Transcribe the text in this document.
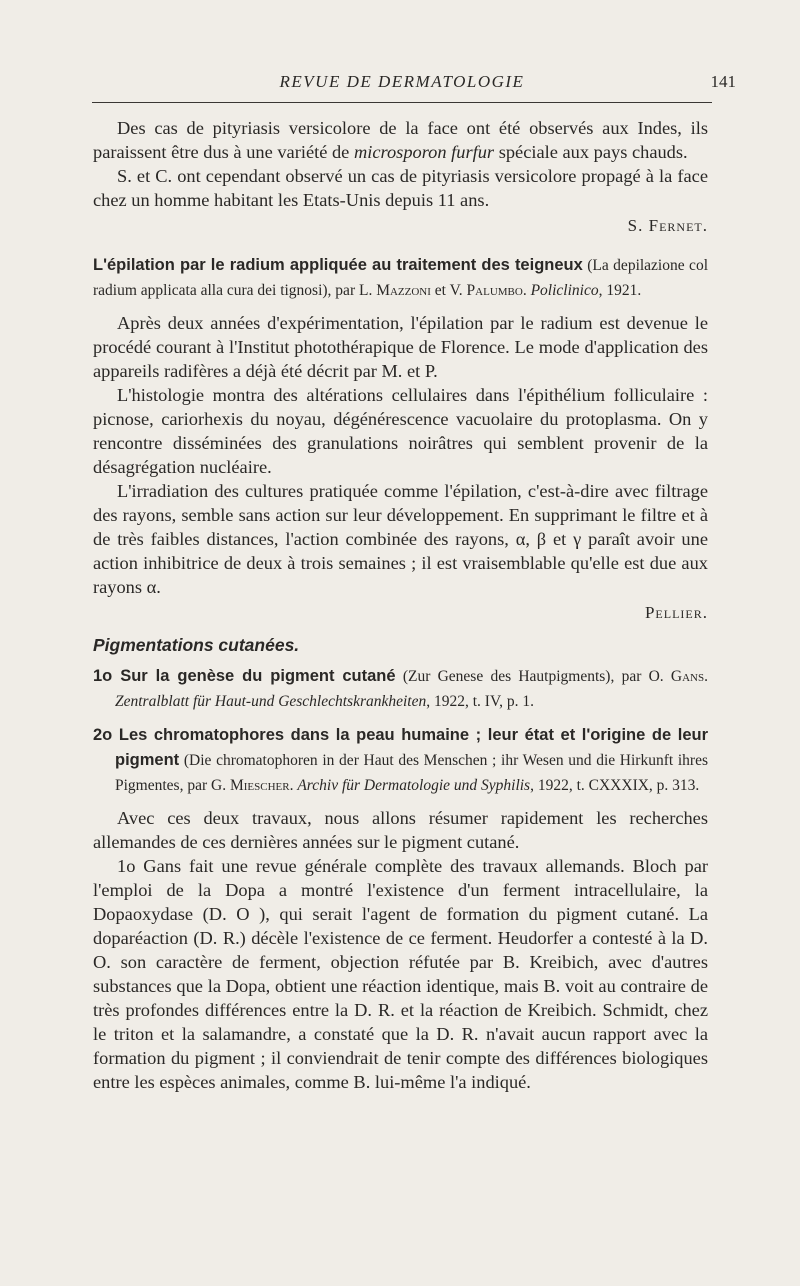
REVUE DE DERMATOLOGIE	141

Des cas de pityriasis versicolore de la face ont été observés aux Indes, ils paraissent être dus à une variété de microsporon furfur spéciale aux pays chauds.

S. et C. ont cependant observé un cas de pityriasis versicolore propagé à la face chez un homme habitant les Etats-Unis depuis 11 ans.

S. Fernet.

L'épilation par le radium appliquée au traitement des teigneux (La depilazione col radium applicata alla cura dei tignosi), par L. Mazzoni et V. Palumbo. Policlinico, 1921.

Après deux années d'expérimentation, l'épilation par le radium est devenue le procédé courant à l'Institut photothérapique de Florence. Le mode d'application des appareils radifères a déjà été décrit par M. et P.

L'histologie montra des altérations cellulaires dans l'épithélium folliculaire : picnose, cariorhexis du noyau, dégénérescence vacuolaire du protoplasma. On y rencontre disséminées des granulations noirâtres qui semblent provenir de la désagrégation nucléaire.

L'irradiation des cultures pratiquée comme l'épilation, c'est-à-dire avec filtrage des rayons, semble sans action sur leur développement. En supprimant le filtre et à de très faibles distances, l'action combinée des rayons, α, β et γ paraît avoir une action inhibitrice de deux à trois semaines ; il est vraisemblable qu'elle est due aux rayons α.

Pellier.

Pigmentations cutanées.

1o Sur la genèse du pigment cutané (Zur Genese des Hautpigments), par O. Gans. Zentralblatt für Haut-und Geschlechtskrankheiten, 1922, t. IV, p. 1.

2o Les chromatophores dans la peau humaine ; leur état et l'origine de leur pigment (Die chromatophoren in der Haut des Menschen ; ihr Wesen und die Hirkunft ihres Pigmentes, par G. Miescher. Archiv für Dermatologie und Syphilis, 1922, t. CXXXIX, p. 313.

Avec ces deux travaux, nous allons résumer rapidement les recherches allemandes de ces dernières années sur le pigment cutané.

1o Gans fait une revue générale complète des travaux allemands. Bloch par l'emploi de la Dopa a montré l'existence d'un ferment intracellulaire, la Dopaoxydase (D. O ), qui serait l'agent de formation du pigment cutané. La doparéaction (D. R.) décèle l'existence de ce ferment. Heudorfer a contesté à la D. O. son caractère de ferment, objection réfutée par B. Kreibich, avec d'autres substances que la Dopa, obtient une réaction identique, mais B. voit au contraire de très profondes différences entre la D. R. et la réaction de Kreibich. Schmidt, chez le triton et la salamandre, a constaté que la D. R. n'avait aucun rapport avec la formation du pigment ; il conviendrait de tenir compte des différences biologiques entre les espèces animales, comme B. lui-même l'a indiqué.
